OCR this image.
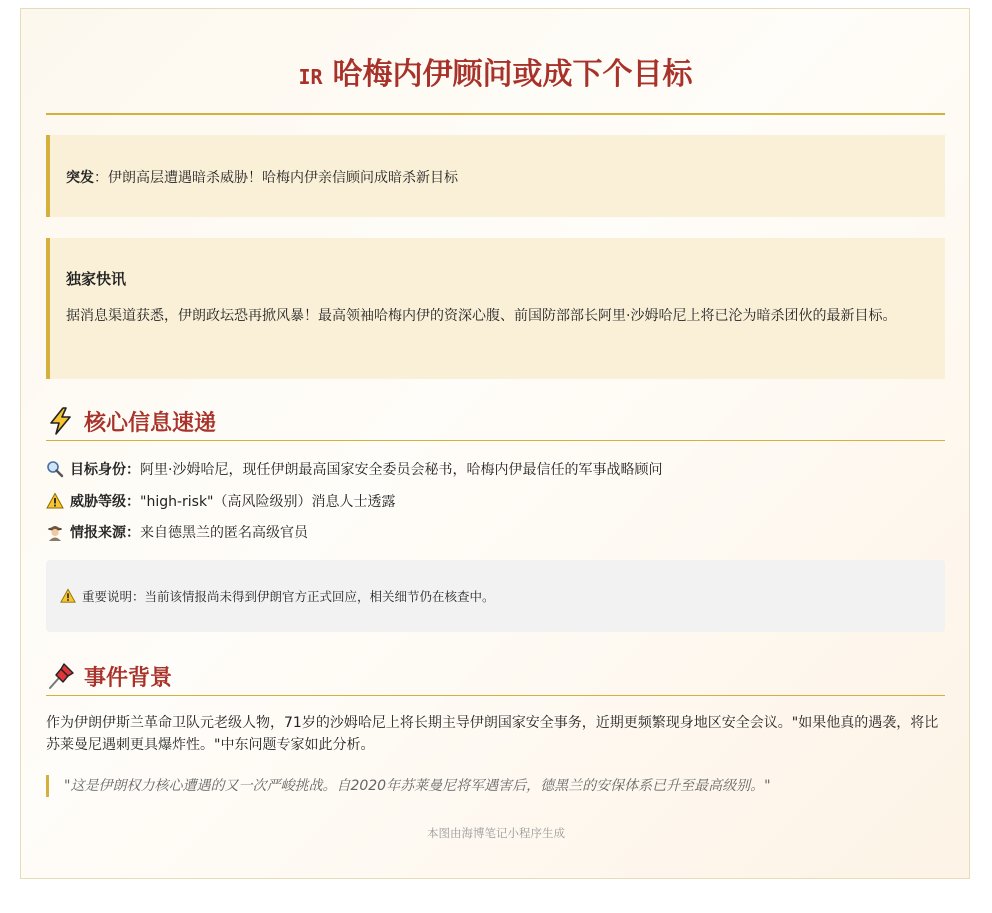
IR 哈梅内伊顾问或成下个目标
突发：伊朗高层遭遇暗杀威胁！哈梅内伊亲信顾问成暗杀新目标
独家快讯
据消息渠道获悉，伊朗政坛恐再掀风暴！最高领袖哈梅内伊的资深心腹、前国防部部长阿里·沙姆哈尼上将已沦为暗杀团伙的最新目标。
核心信息速递
目标身份： 阿里·沙姆哈尼，现任伊朗最高国家安全委员会秘书，哈梅内伊最信任的军事战略顾问
威胁等级： "high-risk"（高风险级别）消息人士透露
情报来源： 来自德黑兰的匿名高级官员
重要说明：当前该情报尚未得到伊朗官方正式回应，相关细节仍在核查中。
事件背景
作为伊朗伊斯兰革命卫队元老级人物，71岁的沙姆哈尼上将长期主导伊朗国家安全事务，近期更频繁现身地区安全会议。"如果他真的遇袭，将比苏莱曼尼遇刺更具爆炸性。"中东问题专家如此分析。
"这是伊朗权力核心遭遇的又一次严峻挑战。自2020年苏莱曼尼将军遇害后，德黑兰的安保体系已升至最高级别。"
本图由海博笔记小程序生成
